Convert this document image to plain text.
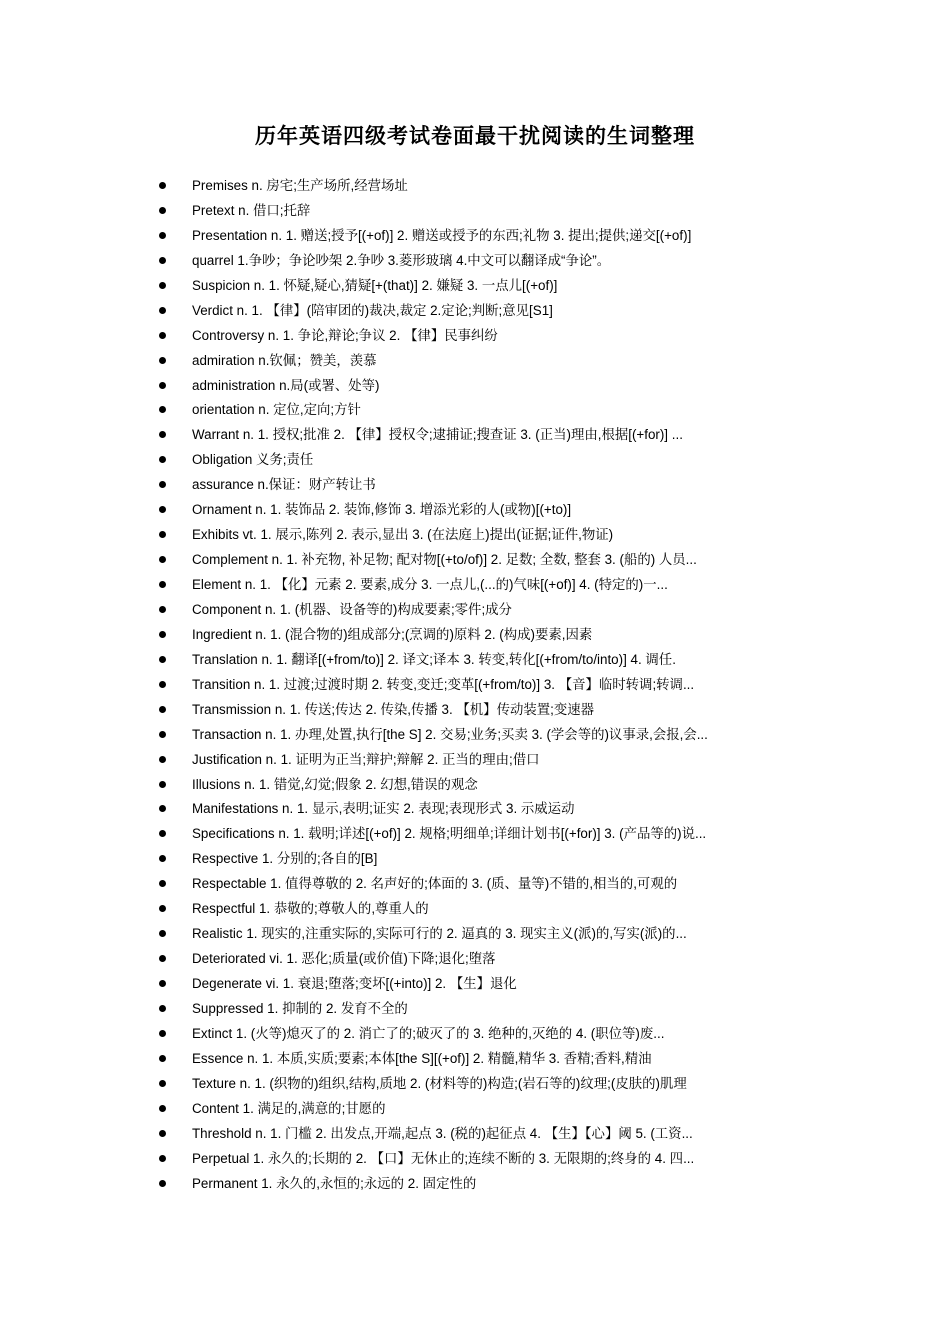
历年英语四级考试卷面最干扰阅读的生词整理
Premises n. 房宅;生产场所,经营场址
Pretext n. 借口;托辞
Presentation n. 1. 赠送;授予[(+of)] 2. 赠送或授予的东西;礼物 3. 提出;提供;递交[(+of)]
quarrel 1.争吵；争论吵架 2.争吵 3.菱形玻璃 4.中文可以翻译成“争论”。
Suspicion n. 1. 怀疑,疑心,猜疑[+(that)] 2. 嫌疑 3. 一点儿[(+of)]
Verdict n. 1. 【律】(陪审团的)裁决,裁定 2.定论;判断;意见[S1]
Controversy n. 1. 争论,辩论;争议 2. 【律】民事纠纷
admiration n.钦佩；赞美，羡慕
administration n.局(或署、处等)
orientation n. 定位,定向;方针
Warrant n. 1. 授权;批准 2. 【律】授权令;逮捕证;搜查证 3. (正当)理由,根据[(+for)] ...
Obligation 义务;责任
assurance n.保证：财产转让书
Ornament n. 1. 装饰品 2. 装饰,修饰 3. 增添光彩的人(或物)[(+to)]
Exhibits vt. 1. 展示,陈列 2. 表示,显出 3. (在法庭上)提出(证据;证件,物证)
Complement n. 1. 补充物, 补足物; 配对物[(+to/of)] 2. 足数; 全数, 整套 3. (船的) 人员...
Element n. 1. 【化】元素 2. 要素,成分 3. 一点儿,(...的)气味[(+of)] 4. (特定的)一...
Component n. 1. (机器、设备等的)构成要素;零件;成分
Ingredient n. 1. (混合物的)组成部分;(烹调的)原料 2. (构成)要素,因素
Translation n. 1. 翻译[(+from/to)] 2. 译文;译本 3. 转变,转化[(+from/to/into)] 4. 调任.
Transition n. 1. 过渡;过渡时期 2. 转变,变迁;变革[(+from/to)] 3. 【音】临时转调;转调...
Transmission n. 1. 传送;传达 2. 传染,传播 3. 【机】传动装置;变速器
Transaction n. 1. 办理,处置,执行[the S] 2. 交易;业务;买卖 3. (学会等的)议事录,会报,会...
Justification n. 1. 证明为正当;辩护;辩解 2. 正当的理由;借口
Illusions n. 1. 错觉,幻觉;假象 2. 幻想,错误的观念
Manifestations n. 1. 显示,表明;证实 2. 表现;表现形式 3. 示威运动
Specifications n. 1. 载明;详述[(+of)] 2. 规格;明细单;详细计划书[(+for)] 3. (产品等的)说...
Respective 1. 分别的;各自的[B]
Respectable 1. 值得尊敬的 2. 名声好的;体面的 3. (质、量等)不错的,相当的,可观的
Respectful 1. 恭敬的;尊敬人的,尊重人的
Realistic 1. 现实的,注重实际的,实际可行的 2. 逼真的 3. 现实主义(派)的,写实(派)的...
Deteriorated vi. 1. 恶化;质量(或价值)下降;退化;堕落
Degenerate vi. 1. 衰退;堕落;变坏[(+into)] 2. 【生】退化
Suppressed 1. 抑制的 2. 发育不全的
Extinct 1. (火等)熄灭了的 2. 消亡了的;破灭了的 3. 绝种的,灭绝的 4. (职位等)废...
Essence n. 1. 本质,实质;要素;本体[the S][(+of)] 2. 精髓,精华 3. 香精;香料,精油
Texture n. 1. (织物的)组织,结构,质地 2. (材料等的)构造;(岩石等的)纹理;(皮肤的)肌理
Content 1. 满足的,满意的;甘愿的
Threshold n. 1. 门槛 2. 出发点,开端,起点 3. (税的)起征点 4. 【生】【心】阈 5. (工资...
Perpetual 1. 永久的;长期的 2. 【口】无休止的;连续不断的 3. 无限期的;终身的 4. 四...
Permanent 1. 永久的,永恒的;永远的 2. 固定性的
